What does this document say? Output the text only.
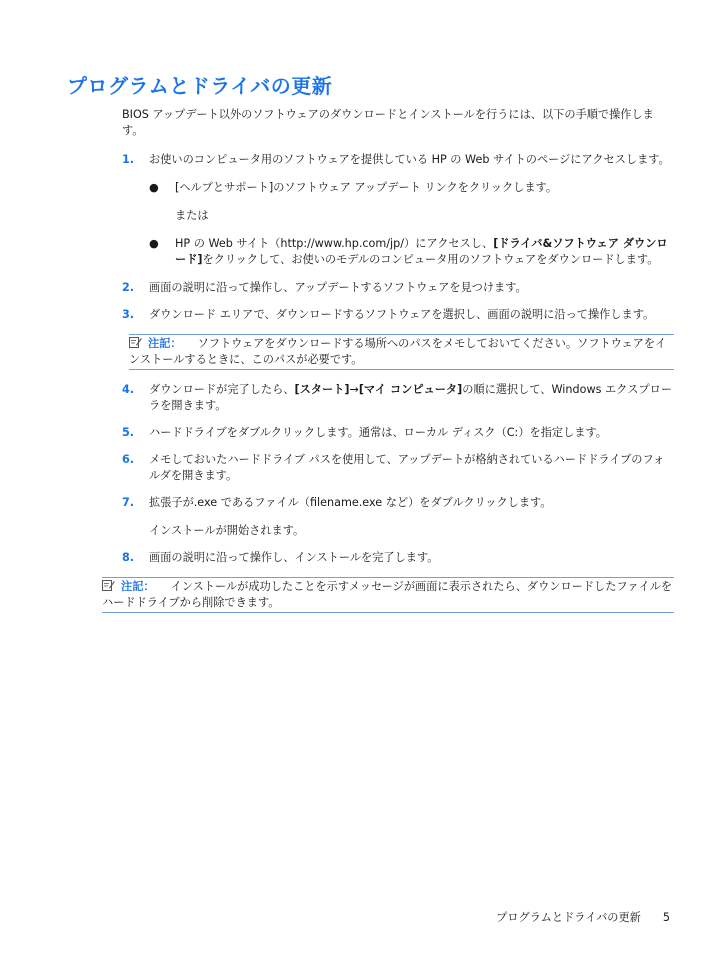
プログラムとドライバの更新

BIOS アップデート以外のソフトウェアのダウンロードとインストールを行うには、以下の手順で操作します。

1. お使いのコンピュータ用のソフトウェアを提供している HP の Web サイトのページにアクセスします。
● [ヘルプとサポート]のソフトウェア アップデート リンクをクリックします。
または
● HP の Web サイト（http://www.hp.com/jp/）にアクセスし、[ドライバ&ソフトウェア ダウンロード]をクリックして、お使いのモデルのコンピュータ用のソフトウェアをダウンロードします。
2. 画面の説明に沿って操作し、アップデートするソフトウェアを見つけます。
3. ダウンロード エリアで、ダウンロードするソフトウェアを選択し、画面の説明に沿って操作します。
注記： ソフトウェアをダウンロードする場所へのパスをメモしておいてください。ソフトウェアをインストールするときに、このパスが必要です。
4. ダウンロードが完了したら、[スタート]→[マイ コンピュータ]の順に選択して、Windows エクスプローラを開きます。
5. ハードドライブをダブルクリックします。通常は、ローカル ディスク（C:）を指定します。
6. メモしておいたハードドライブ パスを使用して、アップデートが格納されているハードドライブのフォルダを開きます。
7. 拡張子が.exe であるファイル（filename.exe など）をダブルクリックします。
インストールが開始されます。
8. 画面の説明に沿って操作し、インストールを完了します。
注記： インストールが成功したことを示すメッセージが画面に表示されたら、ダウンロードしたファイルをハードドライブから削除できます。
プログラムとドライバの更新 5
